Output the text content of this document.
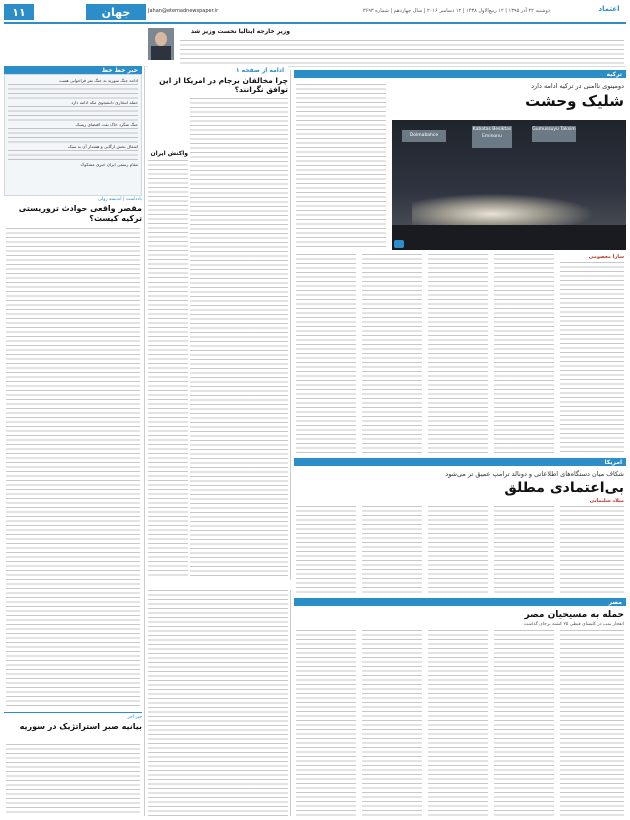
۱۱	جهان	Jahan@etemadnewspaper.ir	دوشنبه ۲۲ آذر ۱۳۹۵ | ۱۲ ربیع‌الاول ۱۴۳۸ | ۱۲ دسامبر ۲۰۱۶ | سال چهاردهم | شماره ۳۶۹۳	اعتماد
وزیر خارجه ایتالیا نخست وزیر شد
خبر خط خط
ادامه جنگ سوریه به جنگ نفر فراخوانی هست
حمله انتحاری دانشجوی مکه ادامه دارد
جنگ شگرد خاک نفت اقتضای ریسک
اشغال بخش ارگانی و هشدار آن به سبک
مقام رسمی ایران خبری مشکوک
یادداشت | اندیشه رولی
مقصر واقعی حوادث تروریستی ترکیه کیست؟
خبر آخر
بیانیه صبر استراتژیک در سوریه
ادامه از صفحه ۱
چرا مخالفان برجام در امریکا از این توافق نگرانند؟
واکنش ایران
ترکیه
دومینوی ناامنی در ترکیه ادامه دارد
شلیک وحشت
Dolmabahce
Kabatas Besiktas Eminonu
Gumussuyu Taksim
سارا معصومی
امریکا
شکاف میان دستگاه‌های اطلاعاتی و دونالد ترامپ عمیق تر می‌شود
بی‌اعتمادی مطلق
میلاد سلیمانی
مصر
حمله به مسیحیان مصر
انفجار بمب در کلیسای قبطی ۲۵ کشته برجای گذاشت
